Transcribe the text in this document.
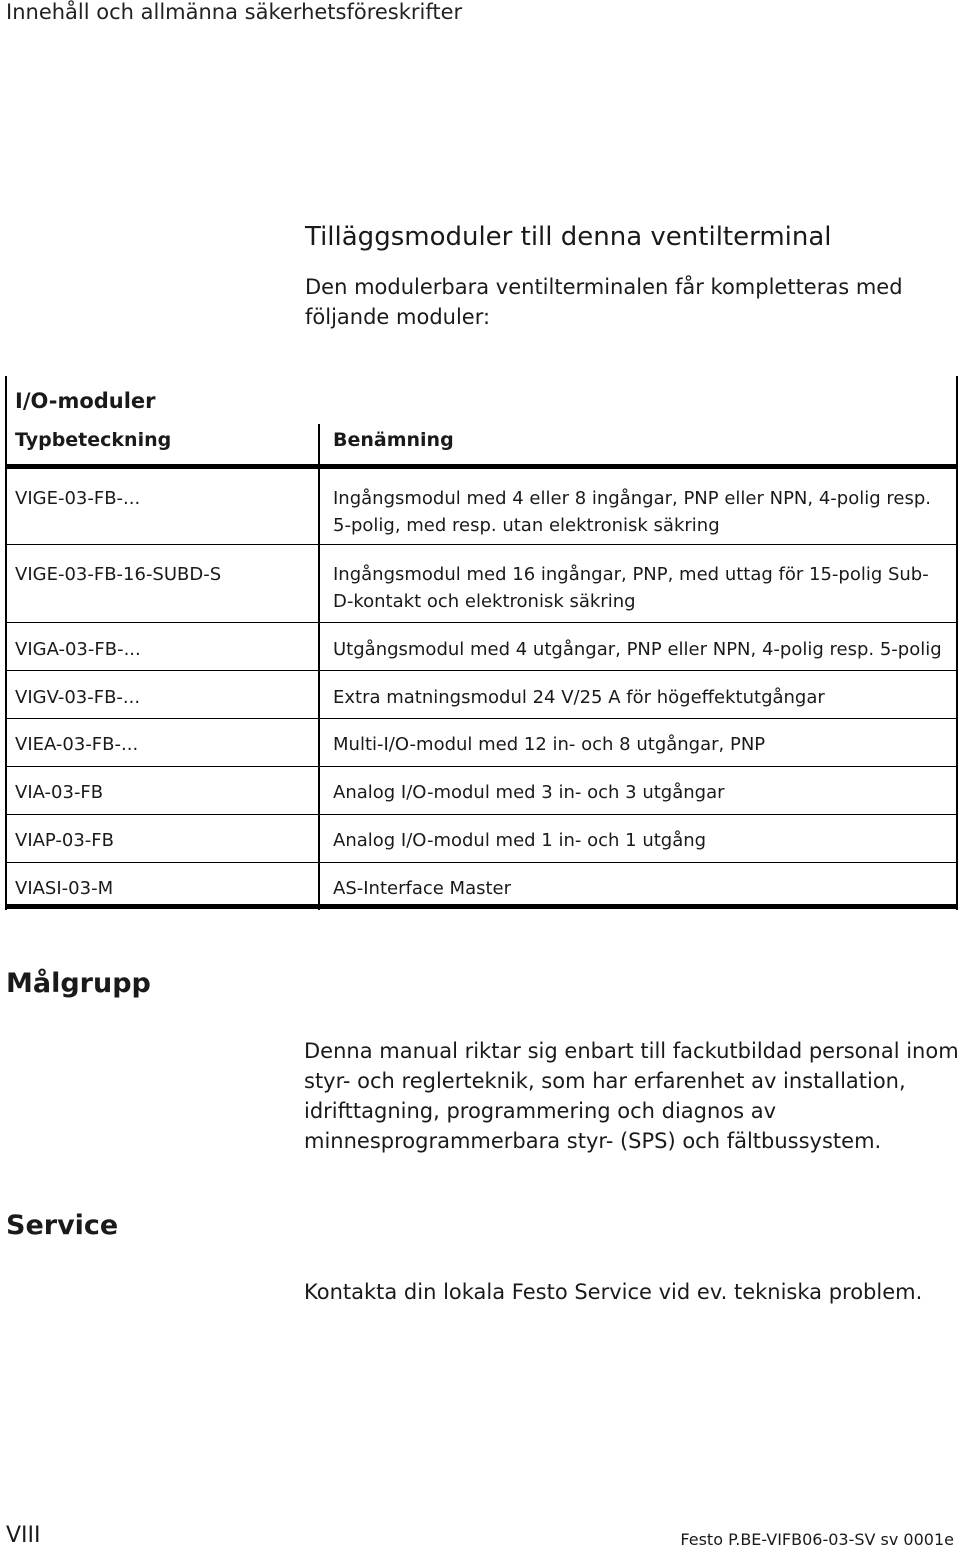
Innehåll och allmänna säkerhetsföreskrifter
Tilläggsmoduler till denna ventilterminal
Den modulerbara ventilterminalen får kompletteras med följande moduler:
I/O-moduler
Typbeteckning	Benämning
VIGE-03-FB-...	Ingångsmodul med 4 eller 8 ingångar, PNP eller NPN, 4-polig resp. 5-polig, med resp. utan elektronisk säkring
VIGE-03-FB-16-SUBD-S	Ingångsmodul med 16 ingångar, PNP, med uttag för 15-polig Sub-D-kontakt och elektronisk säkring
VIGA-03-FB-...	Utgångsmodul med 4 utgångar, PNP eller NPN, 4-polig resp. 5-polig
VIGV-03-FB-...	Extra matningsmodul 24 V/25 A för högeffektutgångar
VIEA-03-FB-...	Multi-I/O-modul med 12 in- och 8 utgångar, PNP
VIA-03-FB	Analog I/O-modul med 3 in- och 3 utgångar
VIAP-03-FB	Analog I/O-modul med 1 in- och 1 utgång
VIASI-03-M	AS-Interface Master
Målgrupp
Denna manual riktar sig enbart till fackutbildad personal inom styr- och reglerteknik, som har erfarenhet av installation, idrifttagning, programmering och diagnos av minnesprogrammerbara styr- (SPS) och fältbussystem.
Service
Kontakta din lokala Festo Service vid ev. tekniska problem.
VIII	Festo P.BE-VIFB06-03-SV sv 0001e
